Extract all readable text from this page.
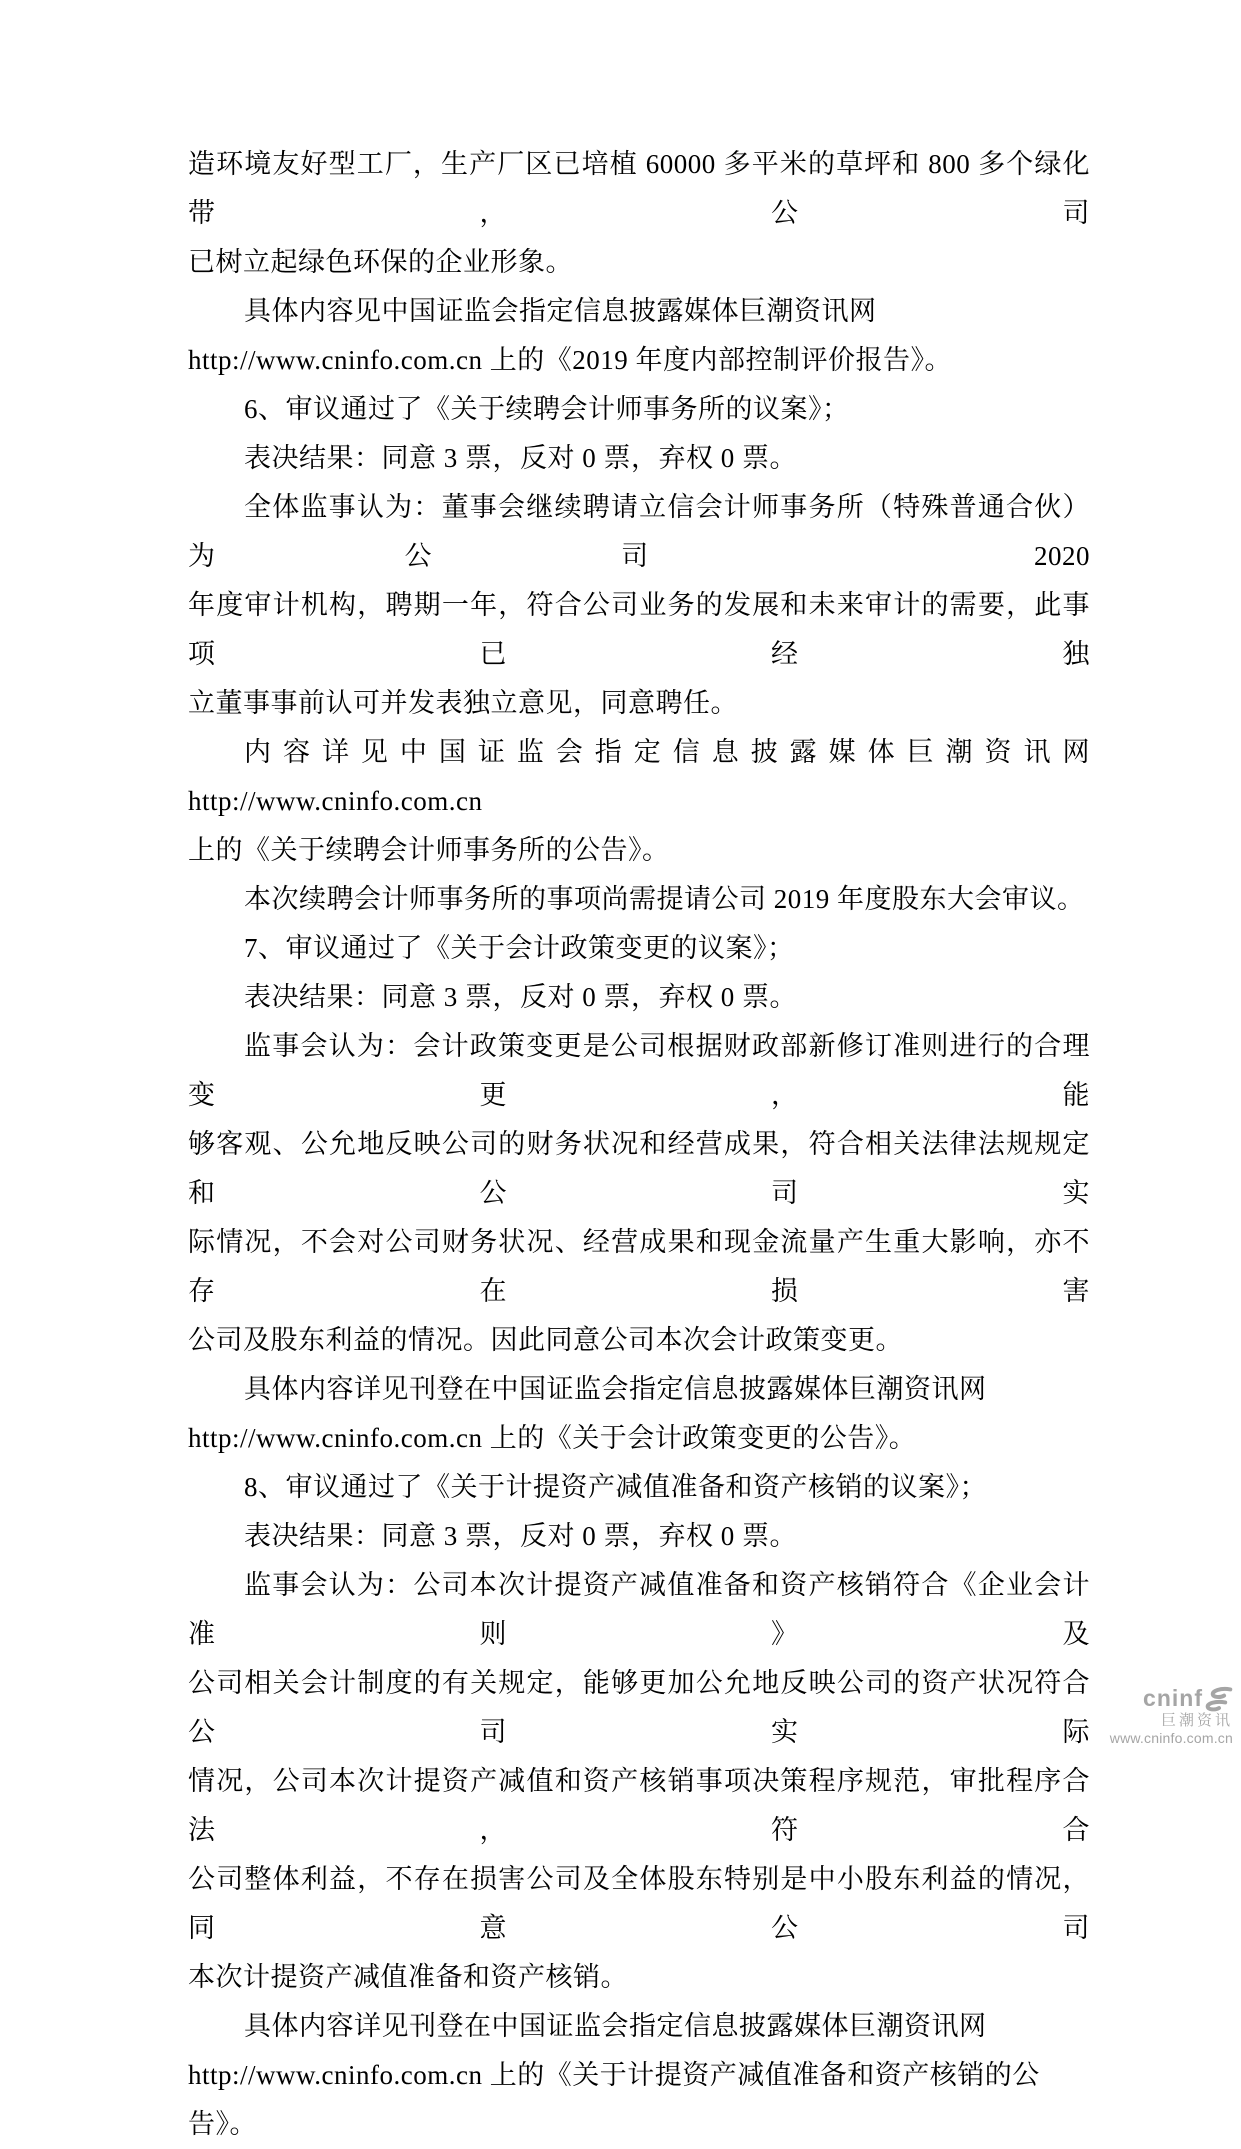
造环境友好型工厂，生产厂区已培植 60000 多平米的草坪和 800 多个绿化带，公司
已树立起绿色环保的企业形象。
具体内容见中国证监会指定信息披露媒体巨潮资讯网
http://www.cninfo.com.cn 上的《2019 年度内部控制评价报告》。
6、审议通过了《关于续聘会计师事务所的议案》；
表决结果：同意 3 票，反对 0 票，弃权 0 票。
全体监事认为：董事会继续聘请立信会计师事务所（特殊普通合伙）为公司 2020
年度审计机构，聘期一年，符合公司业务的发展和未来审计的需要，此事项已经独
立董事事前认可并发表独立意见，同意聘任。
内容详见中国证监会指定信息披露媒体巨潮资讯网 http://www.cninfo.com.cn
上的《关于续聘会计师事务所的公告》。
本次续聘会计师事务所的事项尚需提请公司 2019 年度股东大会审议。
7、审议通过了《关于会计政策变更的议案》；
表决结果：同意 3 票，反对 0 票，弃权 0 票。
监事会认为：会计政策变更是公司根据财政部新修订准则进行的合理变更，能
够客观、公允地反映公司的财务状况和经营成果，符合相关法律法规规定和公司实
际情况，不会对公司财务状况、经营成果和现金流量产生重大影响，亦不存在损害
公司及股东利益的情况。因此同意公司本次会计政策变更。
具体内容详见刊登在中国证监会指定信息披露媒体巨潮资讯网
http://www.cninfo.com.cn 上的《关于会计政策变更的公告》。
8、审议通过了《关于计提资产减值准备和资产核销的议案》；
表决结果：同意 3 票，反对 0 票，弃权 0 票。
监事会认为：公司本次计提资产减值准备和资产核销符合《企业会计准则》及
公司相关会计制度的有关规定，能够更加公允地反映公司的资产状况符合公司实际
情况，公司本次计提资产减值和资产核销事项决策程序规范，审批程序合法，符合
公司整体利益，不存在损害公司及全体股东特别是中小股东利益的情况，同意公司
本次计提资产减值准备和资产核销。
具体内容详见刊登在中国证监会指定信息披露媒体巨潮资讯网
http://www.cninfo.com.cn 上的《关于计提资产减值准备和资产核销的公告》。
cninf
巨潮资讯
www.cninfo.com.cn
